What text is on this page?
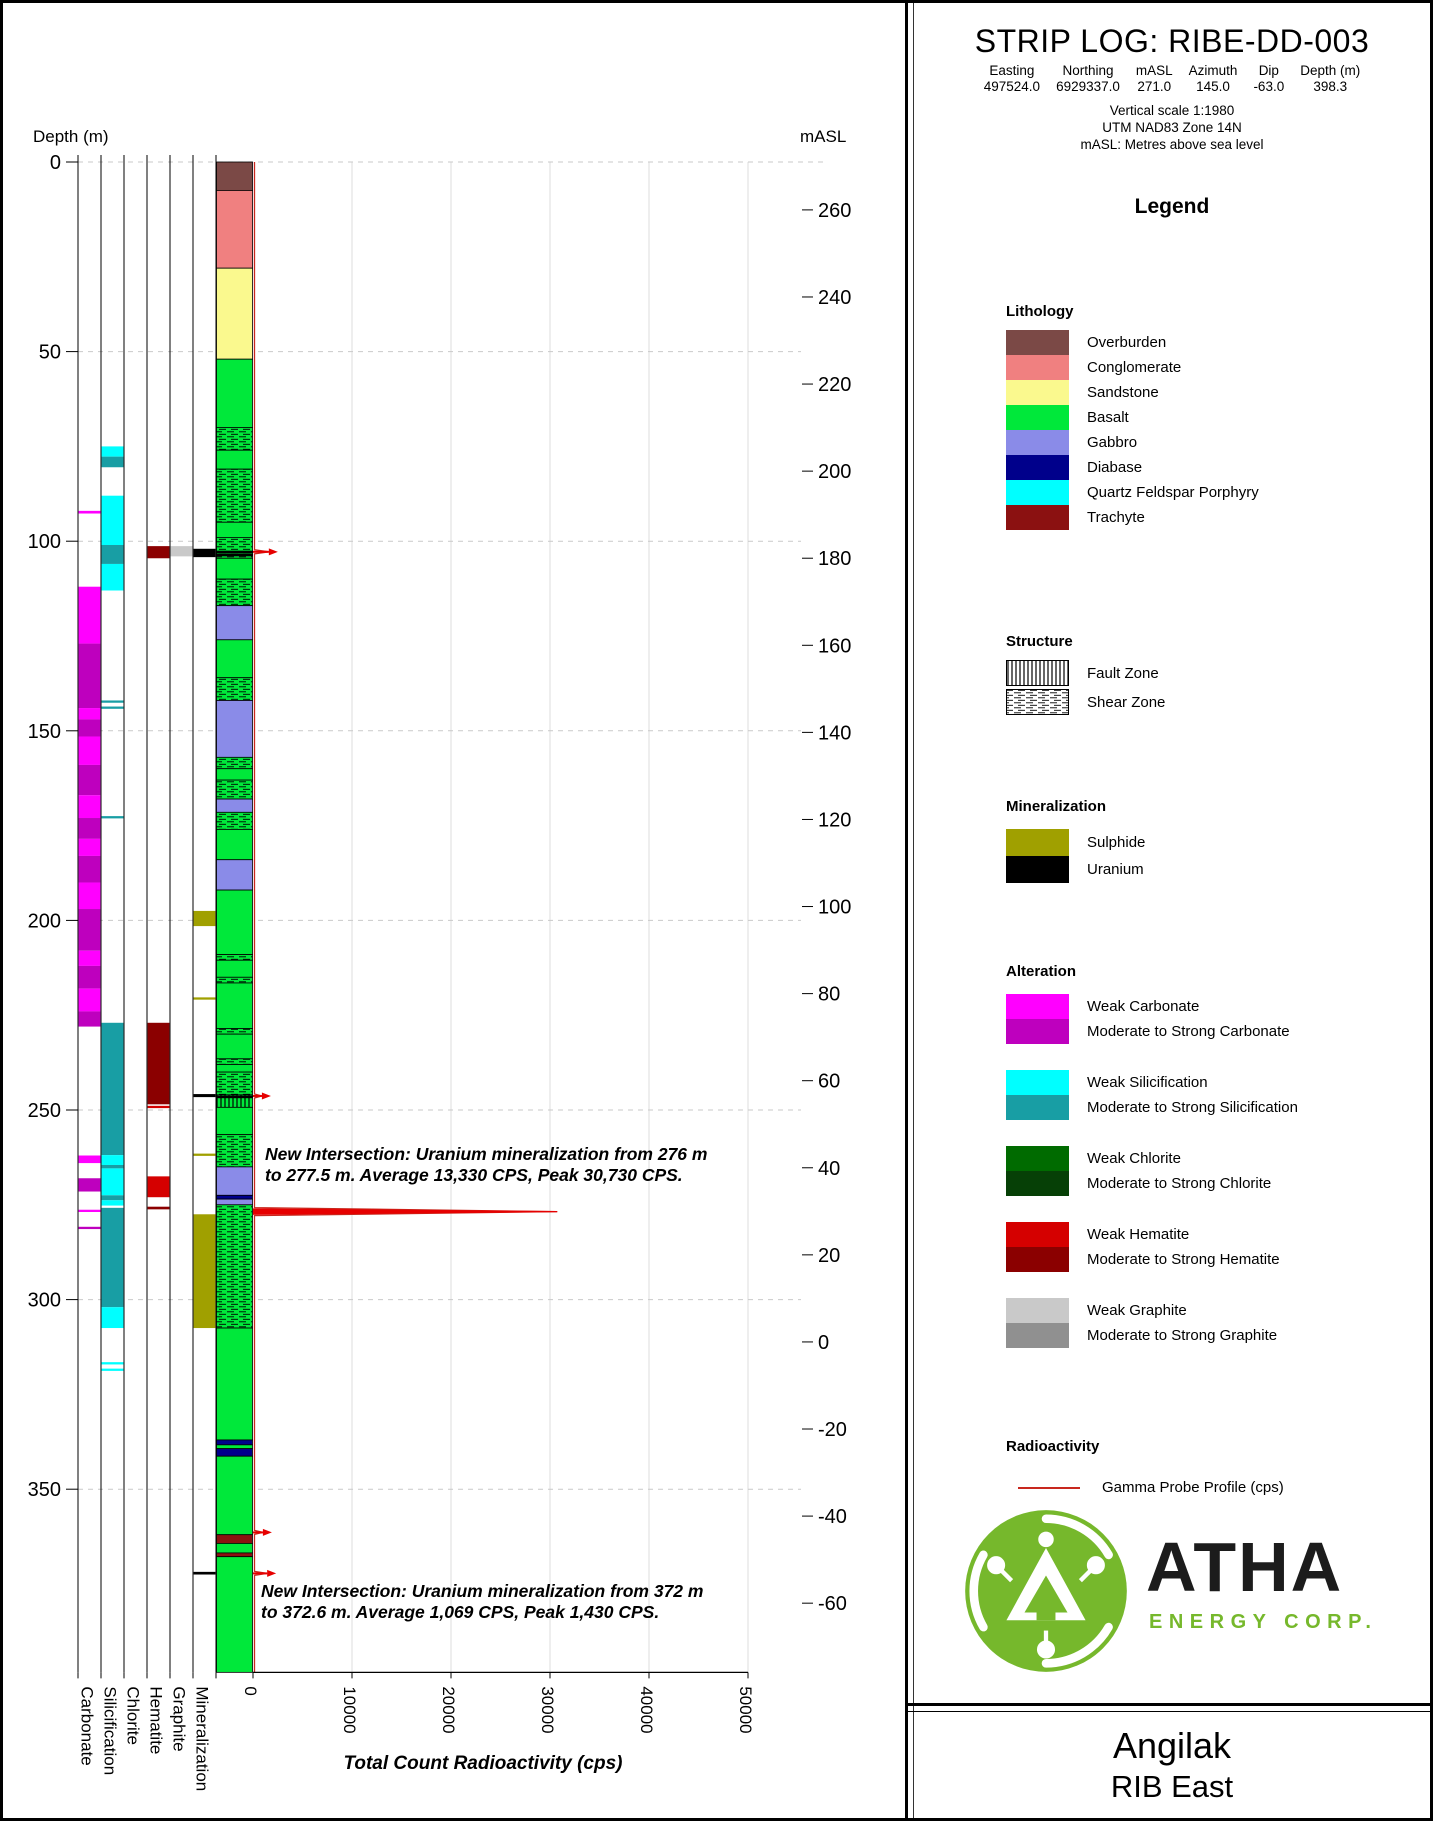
0
50
100
150
200
250
300
350
260
240
220
200
180
160
140
120
100
80
60
40
20
0
-20
-40
-60
Carbonate Silicification Chlorite Hematite Graphite Mineralization 0	10000	20000	30000	40000	50000
Depth (m)	mASL
Total Count Radioactivity (cps)
New Intersection: Uranium mineralization from 276 m
to 277.5 m. Average 13,330 CPS, Peak 30,730 CPS.
New Intersection: Uranium mineralization from 372 m
to 372.6 m. Average 1,069 CPS, Peak 1,430 CPS.
STRIP LOG: RIBE-DD-003
Easting
497524.0
Northing
6929337.0
mASL
271.0
Azimuth
145.0
Dip
-63.0
Depth (m)
398.3
Vertical scale 1:1980
UTM NAD83 Zone 14N
mASL: Metres above sea level
Legend
Lithology
Overburden
Conglomerate
Sandstone
Basalt
Gabbro
Diabase
Quartz Feldspar Porphyry
Trachyte
Structure
Fault Zone
Shear Zone
Mineralization
Sulphide
Uranium
Alteration
Weak Carbonate
Moderate to Strong Carbonate
Weak Silicification
Moderate to Strong Silicification
Weak Chlorite
Moderate to Strong Chlorite
Weak Hematite
Moderate to Strong Hematite
Weak Graphite
Moderate to Strong Graphite
Radioactivity
Gamma Probe Profile (cps)
ATHA
ENERGY CORP.
Angilak
RIB East
